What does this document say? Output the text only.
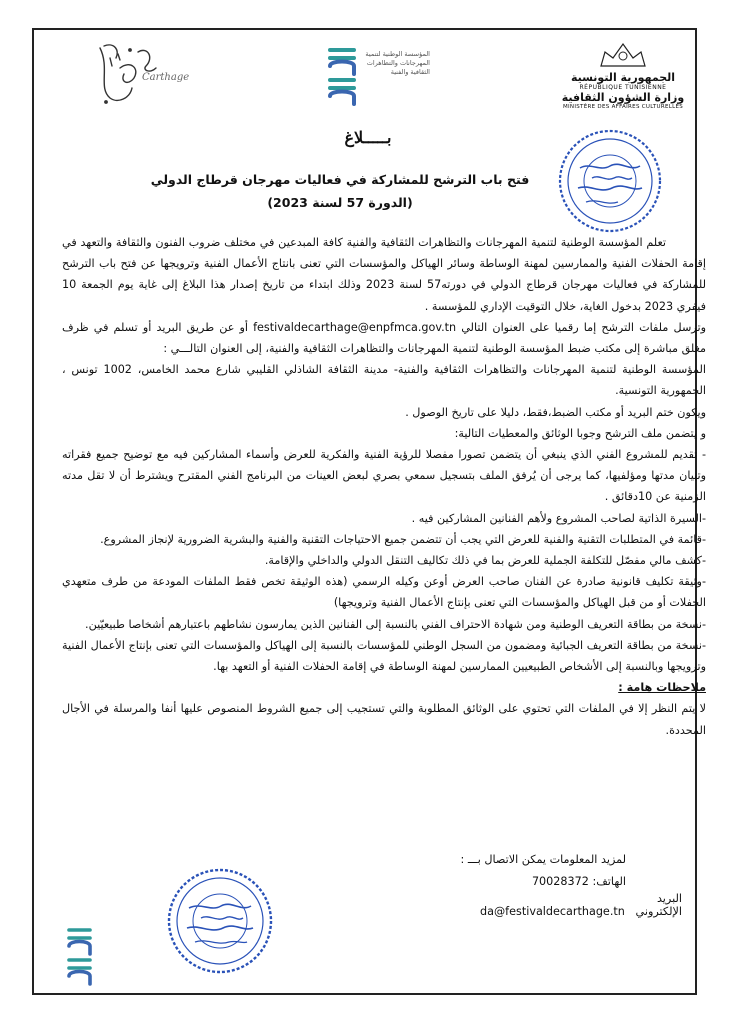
الجمهورية التونسية
RÉPUBLIQUE TUNISIENNE
وزارة الشؤون الثقافية
MINISTÈRE DES AFFAIRES CULTURELLES
المؤسسة الوطنية لتنمية المهرجانات والتظاهرات الثقافية والفنية
Carthage
بـــــلاغ
فتح باب الترشح للمشاركة في فعاليات مهرجان قرطاج الدولي
(الدورة 57 لسنة 2023)

تعلم المؤسسة الوطنية لتنمية المهرجانات والتظاهرات الثقافية والفنية كافة المبدعين في مختلف ضروب الفنون والثقافة والتعهد في إقامة الحفلات الفنية والممارسين لمهنة الوساطة وسائر الهياكل والمؤسسات التي تعنى بانتاج الأعمال الفنية وترويجها عن فتح باب الترشح للمشاركة في فعاليات مهرجان قرطاج الدولي في دورته57 لسنة 2023 وذلك ابتداء من تاريخ إصدار هذا البلاغ إلى غاية يوم الجمعة 10 فيفري 2023 بدخول الغاية، خلال التوقيت الإداري للمؤسسة .

وترسل ملفات الترشح إما رقميا على العنوان التالي festivaldecarthage@enpfmca.gov.tn أو عن طريق البريد أو تسلم في ظرف مغلق مباشرة إلى مكتب ضبط المؤسسة الوطنية لتنمية المهرجانات والتظاهرات الثقافية والفنية، إلى العنوان التالـــي :

المؤسسة الوطنية لتنمية المهرجانات والتظاهرات الثقافية والفنية- مدينة الثقافة الشاذلي القليبي شارع محمد الخامس، 1002 تونس ، الجمهورية التونسية.

ويكون ختم البريد أو مكتب الضبط،فقط، دليلا على تاريخ الوصول .

و يتضمن ملف الترشح وجوبا الوثائق والمعطيات التالية:

- تقديم للمشروع الفني الذي ينبغي أن يتضمن تصورا مفصلا للرؤية الفنية والفكرية للعرض وأسماء المشاركين فيه مع توضيح جميع فقراته وتبيان مدتها ومؤلفيها، كما يرجى أن يُرفق الملف بتسجيل سمعي بصري لبعض العينات من البرنامج الفني المقترح ويشترط أن لا تقل مدته الزمنية عن 10دقائق .

-السيرة الذاتية لصاحب المشروع ولأهم الفنانين المشاركين فيه .

-قائمة في المتطلبات التقنية والفنية للعرض التي يجب أن تتضمن جميع الاحتياجات التقنية والفنية والبشرية الضرورية لإنجاز المشروع.

-كشف مالي مفصّل للتكلفة الجملية للعرض بما في ذلك تكاليف التنقل الدولي والداخلي والإقامة.

-وثيقة تكليف قانونية صادرة عن الفنان صاحب العرض أوعن وكيله الرسمي (هذه الوثيقة تخص فقط الملفات المودعة من طرف متعهدي الحفلات أو من قبل الهياكل والمؤسسات التي تعنى بإنتاج الأعمال الفنية وترويجها)

-نسخة من بطاقة التعريف الوطنية ومن شهادة الاحتراف الفني بالنسبة إلى الفنانين الذين يمارسون نشاطهم باعتبارهم أشخاصا طبيعيّين.

-نسخة من بطاقة التعريف الجبائية ومضمون من السجل الوطني للمؤسسات بالنسبة إلى الهياكل والمؤسسات التي تعنى بإنتاج الأعمال الفنية وترويجها وبالنسبة إلى الأشخاص الطبيعيين الممارسين لمهنة الوساطة في إقامة الحفلات الفنية أو التعهد بها.

ملاحظات هامة :

لا يتم النظر إلا في الملفات التي تحتوي على الوثائق المطلوبة والتي تستجيب إلى جميع الشروط المنصوص عليها أنفا والمرسلة في الأجال المحددة.

لمزيد المعلومات يمكن الاتصال بـــ :
الهاتف: 70028372
البريد الإلكتروني   da@festivaldecarthage.tn
